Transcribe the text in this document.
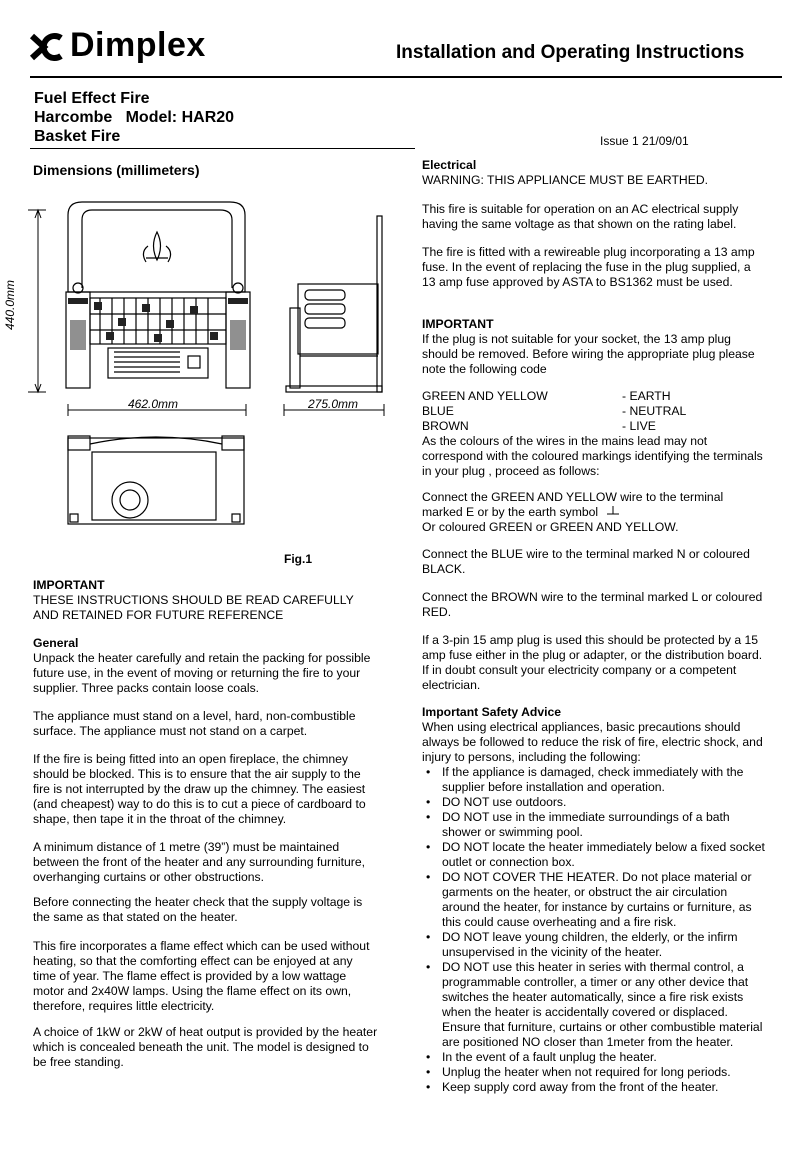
Dimplex	Installation and Operating Instructions
Fuel Effect Fire
Harcombe   Model: HAR20
Basket Fire	Issue 1 21/09/01
Dimensions (millimeters)
440.0mm
462.0mm	275.0mm
Fig.1

IMPORTANT

THESE INSTRUCTIONS SHOULD BE READ CAREFULLY AND RETAINED FOR FUTURE REFERENCE

General

Unpack the heater carefully and retain the packing for possible future use, in the event of moving or returning the fire to your supplier. Three packs contain loose coals.

The appliance must stand on a level, hard, non-combustible surface. The appliance must not stand on a carpet.

If the fire is being fitted into an open fireplace, the chimney should be blocked. This is to ensure that the air supply to the fire is not interrupted by the draw up the chimney. The easiest (and cheapest) way to do this is to cut a piece of cardboard to shape, then tape it in the throat of the chimney.

A minimum distance of 1 metre (39”) must be maintained between the front of the heater and any surrounding furniture, overhanging curtains or other obstructions.

Before connecting the heater check that the supply voltage is the same as that stated on the heater.

This fire incorporates a flame effect which can be used without heating, so that the comforting effect can be enjoyed at any time of year. The flame effect is provided by a low wattage motor and 2x40W lamps. Using the flame effect on its own, therefore, requires little electricity.

A choice of 1kW or 2kW of heat output is provided by the heater which is concealed beneath the unit. The model is designed to be free standing.

Electrical

WARNING: THIS APPLIANCE MUST BE EARTHED.

This fire is suitable for operation on an AC electrical supply having the same voltage as that shown on the rating label.

The fire is fitted with a rewireable plug incorporating a 13 amp fuse. In the event of replacing the fuse in the plug supplied, a 13 amp fuse approved by ASTA to BS1362 must be used.

IMPORTANT

If the plug is not suitable for your socket, the 13 amp plug should be removed. Before wiring the appropriate plug please note the following code

GREEN AND YELLOW	- EARTH
BLUE	- NEUTRAL
BROWN	- LIVE

As the colours of the wires in the mains lead may not correspond with the coloured markings identifying the terminals in your plug , proceed as follows:

Connect the GREEN AND YELLOW wire to the terminal marked E or by the earth symbol

Or coloured GREEN or GREEN AND YELLOW.

Connect the BLUE wire to the terminal marked N or coloured BLACK.

Connect the BROWN wire to the terminal marked L or coloured RED.

If a 3-pin 15 amp plug is used this should be protected by a 15 amp fuse either in the plug or adapter, or the distribution board. If in doubt consult your electricity company or a competent electrician.

Important Safety Advice

When using electrical appliances, basic precautions should always be followed to reduce the risk of fire, electric shock, and injury to persons, including the following:

• If the appliance is damaged, check immediately with the supplier before installation and operation.
• DO NOT use outdoors.
• DO NOT use in the immediate surroundings of a bath shower or swimming pool.
• DO NOT locate the heater immediately below a fixed socket outlet or connection box.
• DO NOT COVER THE HEATER. Do not place material or garments on the heater, or obstruct the air circulation around the heater, for instance by curtains or furniture, as this could cause overheating and a fire risk.
• DO NOT leave young children, the elderly, or the infirm unsupervised in the vicinity of the heater.
• DO NOT use this heater in series with thermal control, a programmable controller, a timer or any other device that switches the heater automatically, since a fire risk exists when the heater is accidentally covered or displaced. Ensure that furniture, curtains or other combustible material are positioned NO closer than 1meter from the heater.
• In the event of a fault unplug the heater.
• Unplug the heater when not required for long periods.
• Keep supply cord away from the front of the heater.
